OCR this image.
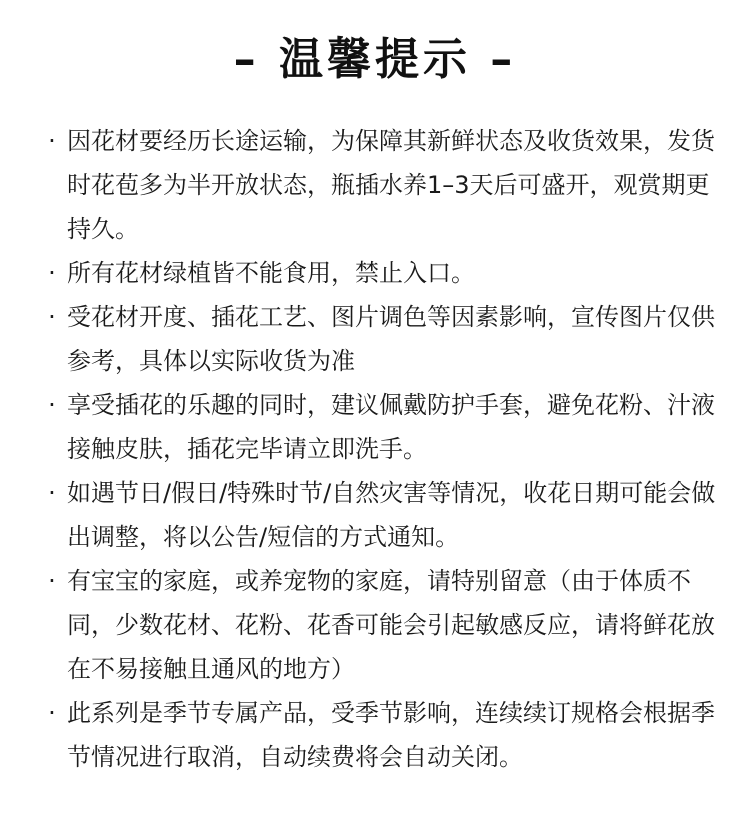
– 温馨提示 –
· 因花材要经历长途运输，为保障其新鲜状态及收货效果，发货时花苞多为半开放状态，瓶插水养1–3天后可盛开，观赏期更持久。
· 所有花材绿植皆不能食用，禁止入口。
· 受花材开度、插花工艺、图片调色等因素影响，宣传图片仅供参考，具体以实际收货为准
· 享受插花的乐趣的同时，建议佩戴防护手套，避免花粉、汁液接触皮肤，插花完毕请立即洗手。
· 如遇节日/假日/特殊时节/自然灾害等情况，收花日期可能会做出调整，将以公告/短信的方式通知。
· 有宝宝的家庭，或养宠物的家庭，请特别留意（由于体质不同，少数花材、花粉、花香可能会引起敏感反应，请将鲜花放在不易接触且通风的地方）
· 此系列是季节专属产品，受季节影响，连续续订规格会根据季节情况进行取消，自动续费将会自动关闭。
